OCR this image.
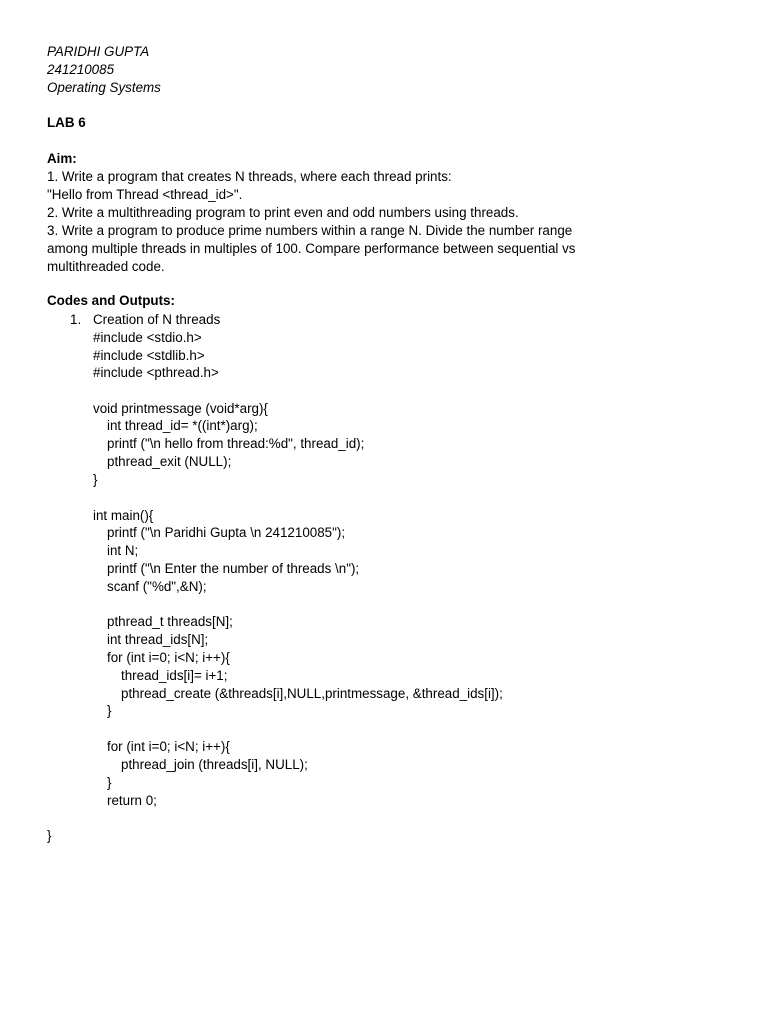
PARIDHI GUPTA
241210085
Operating Systems
LAB 6
Aim:
1. Write a program that creates N threads, where each thread prints:
"Hello from Thread <thread_id>".
2. Write a multithreading program to print even and odd numbers using threads.
3. Write a program to produce prime numbers within a range N. Divide the number range
among multiple threads in multiples of 100. Compare performance between sequential vs
multithreaded code.
Codes and Outputs:
1. Creation of N threads
#include <stdio.h>
#include <stdlib.h>
#include <pthread.h>
void printmessage (void*arg){
int thread_id= *((int*)arg);
printf ("\n hello from thread:%d", thread_id);
pthread_exit (NULL);
}
int main(){
printf ("\n Paridhi Gupta \n 241210085");
int N;
printf ("\n Enter the number of threads \n");
scanf ("%d",&N);
pthread_t threads[N];
int thread_ids[N];
for (int i=0; i<N; i++){
thread_ids[i]= i+1;
pthread_create (&threads[i],NULL,printmessage, &thread_ids[i]);
}
for (int i=0; i<N; i++){
pthread_join (threads[i], NULL);
}
return 0;
}
